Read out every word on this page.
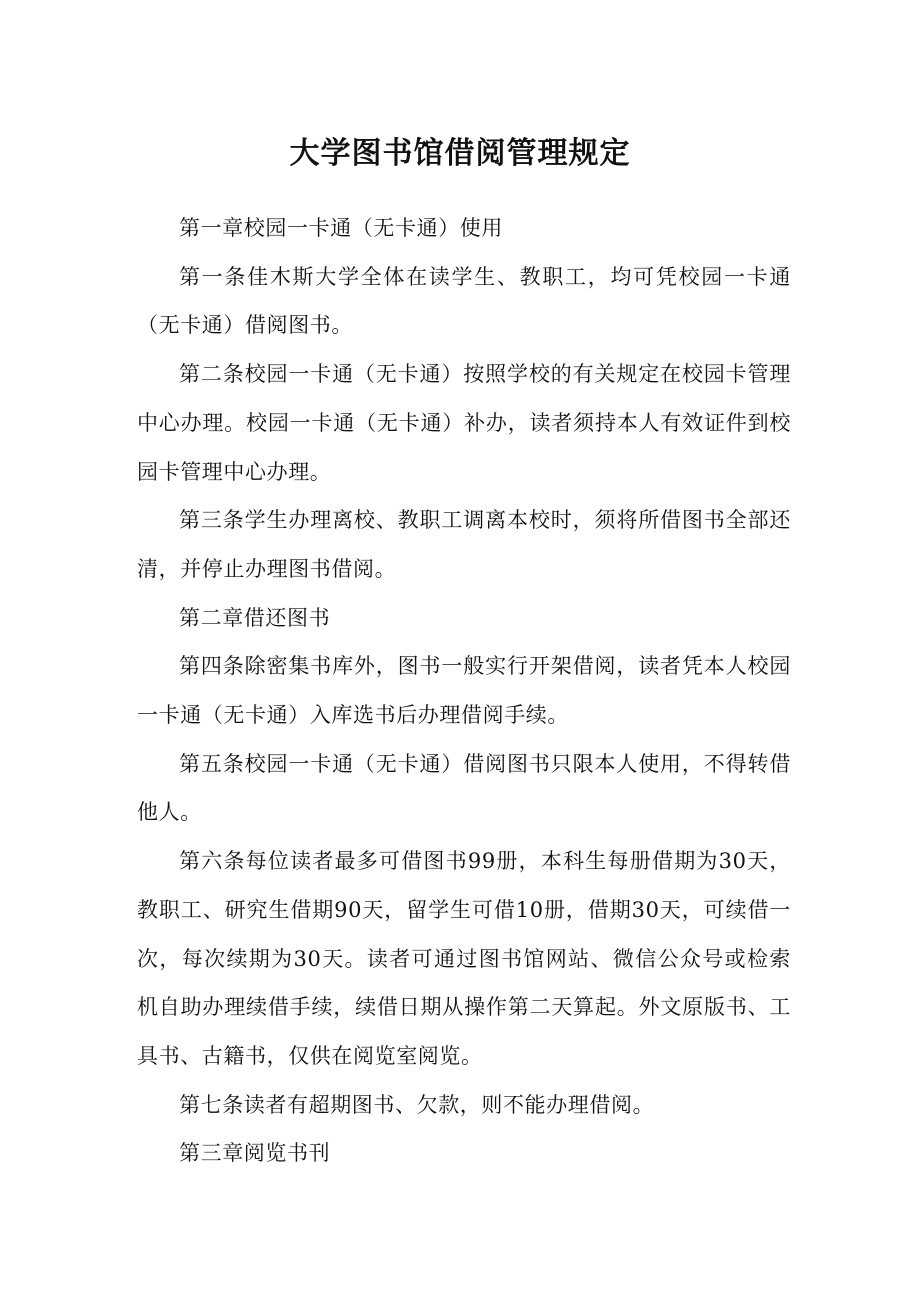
大学图书馆借阅管理规定

第一章校园一卡通（无卡通）使用

第一条佳木斯大学全体在读学生、教职工，均可凭校园一卡通（无卡通）借阅图书。

第二条校园一卡通（无卡通）按照学校的有关规定在校园卡管理中心办理。校园一卡通（无卡通）补办，读者须持本人有效证件到校园卡管理中心办理。

第三条学生办理离校、教职工调离本校时，须将所借图书全部还清，并停止办理图书借阅。

第二章借还图书

第四条除密集书库外，图书一般实行开架借阅，读者凭本人校园一卡通（无卡通）入库选书后办理借阅手续。

第五条校园一卡通（无卡通）借阅图书只限本人使用，不得转借他人。

第六条每位读者最多可借图书99册，本科生每册借期为30天，教职工、研究生借期90天，留学生可借10册，借期30天，可续借一次，每次续期为30天。读者可通过图书馆网站、微信公众号或检索机自助办理续借手续，续借日期从操作第二天算起。外文原版书、工具书、古籍书，仅供在阅览室阅览。

第七条读者有超期图书、欠款，则不能办理借阅。

第三章阅览书刊
